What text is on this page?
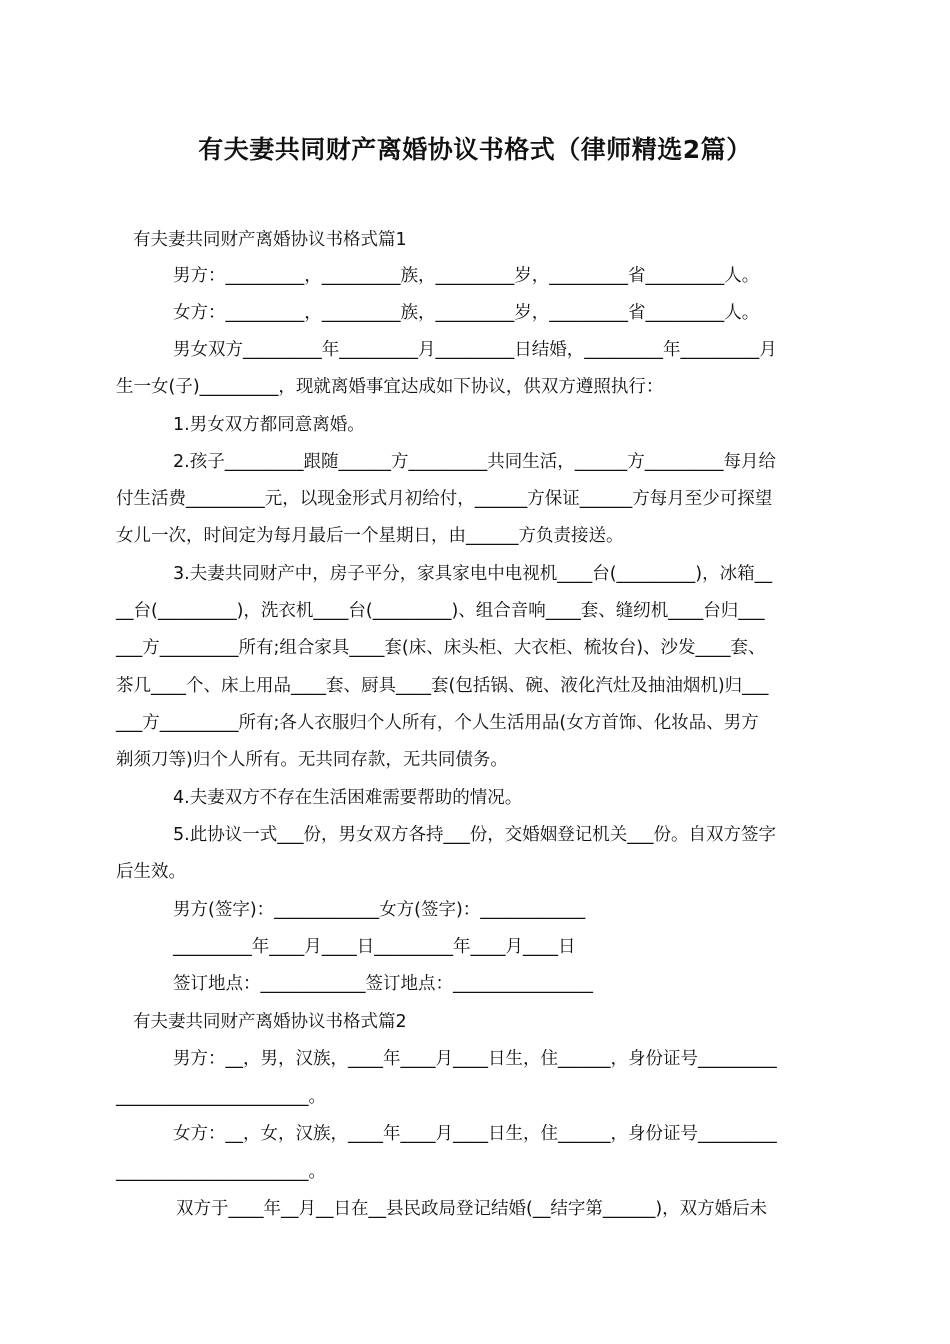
有夫妻共同财产离婚协议书格式（律师精选2篇）
有夫妻共同财产离婚协议书格式篇1
男方：_________，_________族，_________岁，_________省_________人。
女方：_________，_________族，_________岁，_________省_________人。
男女双方_________年_________月_________日结婚，_________年_________月
生一女(子)_________，现就离婚事宜达成如下协议，供双方遵照执行：
1.男女双方都同意离婚。
2.孩子_________跟随______方_________共同生活，______方_________每月给
付生活费_________元，以现金形式月初给付，______方保证______方每月至少可探望
女儿一次，时间定为每月最后一个星期日，由______方负责接送。
3.夫妻共同财产中，房子平分，家具家电中电视机____台(_________)，冰箱__
__台(_________)，洗衣机____台(_________)、组合音响____套、缝纫机____台归___
___方_________所有;组合家具____套(床、床头柜、大衣柜、梳妆台)、沙发____套、
茶几____个、床上用品____套、厨具____套(包括锅、碗、液化汽灶及抽油烟机)归___
___方_________所有;各人衣服归个人所有，个人生活用品(女方首饰、化妆品、男方
剃须刀等)归个人所有。无共同存款，无共同债务。
4.夫妻双方不存在生活困难需要帮助的情况。
5.此协议一式___份，男女双方各持___份，交婚姻登记机关___份。自双方签字
后生效。
男方(签字)：____________女方(签字)：____________
_________年____月____日_________年____月____日
签订地点：____________签订地点：________________
有夫妻共同财产离婚协议书格式篇2
男方：__，男，汉族，____年____月____日生，住______，身份证号_________
______________________。
女方：__，女，汉族，____年____月____日生，住______，身份证号_________
______________________。
双方于____年__月__日在__县民政局登记结婚(__结字第______)，双方婚后未
